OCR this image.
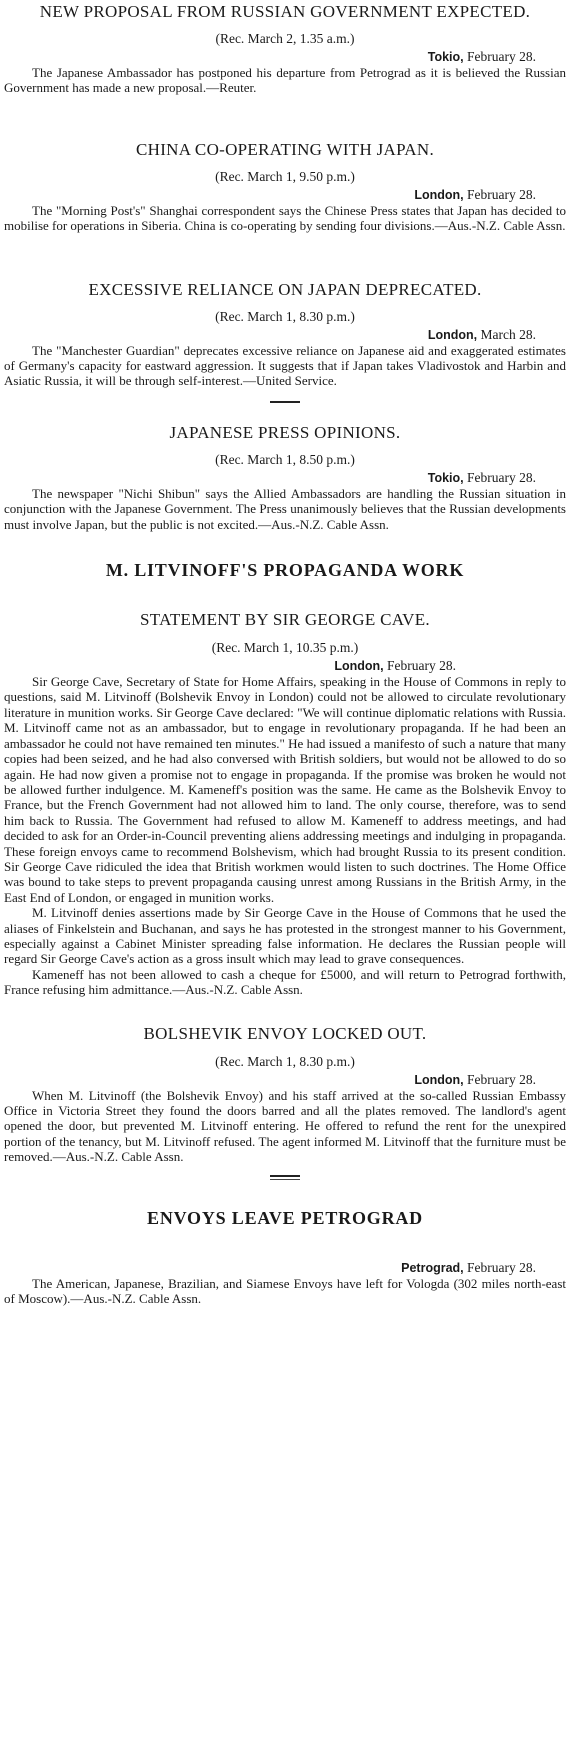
NEW PROPOSAL FROM RUSSIAN GOVERNMENT EXPECTED.

(Rec. March 2, 1.35 a.m.)

Tokio, February 28.

The Japanese Ambassador has postponed his departure from Petrograd as it is believed the Russian Government has made a new proposal.—Reuter.

CHINA CO-OPERATING WITH JAPAN.

(Rec. March 1, 9.50 p.m.)

London, February 28.

The "Morning Post's" Shanghai correspondent says the Chinese Press states that Japan has decided to mobilise for operations in Siberia. China is co-operating by sending four divisions.—Aus.-N.Z. Cable Assn.

EXCESSIVE RELIANCE ON JAPAN DEPRECATED.

(Rec. March 1, 8.30 p.m.)

London, March 28.

The "Manchester Guardian" deprecates excessive reliance on Japanese aid and exaggerated estimates of Germany's capacity for eastward aggression. It suggests that if Japan takes Vladivostok and Harbin and Asiatic Russia, it will be through self-interest.—United Service.

JAPANESE PRESS OPINIONS.

(Rec. March 1, 8.50 p.m.)

Tokio, February 28.

The newspaper "Nichi Shibun" says the Allied Ambassadors are handling the Russian situation in conjunction with the Japanese Government. The Press unanimously believes that the Russian developments must involve Japan, but the public is not excited.—Aus.-N.Z. Cable Assn.

M. LITVINOFF'S PROPAGANDA WORK
STATEMENT BY SIR GEORGE CAVE.

(Rec. March 1, 10.35 p.m.)

London, February 28.

Sir George Cave, Secretary of State for Home Affairs, speaking in the House of Commons in reply to questions, said M. Litvinoff (Bolshevik Envoy in London) could not be allowed to circulate revolutionary literature in munition works. Sir George Cave declared: "We will continue diplomatic relations with Russia. M. Litvinoff came not as an ambassador, but to engage in revolutionary propaganda. If he had been an ambassador he could not have remained ten minutes." He had issued a manifesto of such a nature that many copies had been seized, and he had also conversed with British soldiers, but would not be allowed to do so again. He had now given a promise not to engage in propaganda. If the promise was broken he would not be allowed further indulgence. M. Kameneff's position was the same. He came as the Bolshevik Envoy to France, but the French Government had not allowed him to land. The only course, therefore, was to send him back to Russia. The Government had refused to allow M. Kameneff to address meetings, and had decided to ask for an Order-in-Council preventing aliens addressing meetings and indulging in propaganda. These foreign envoys came to recommend Bolshevism, which had brought Russia to its present condition. Sir George Cave ridiculed the idea that British workmen would listen to such doctrines. The Home Office was bound to take steps to prevent propaganda causing unrest among Russians in the British Army, in the East End of London, or engaged in munition works.

M. Litvinoff denies assertions made by Sir George Cave in the House of Commons that he used the aliases of Finkelstein and Buchanan, and says he has protested in the strongest manner to his Government, especially against a Cabinet Minister spreading false information. He declares the Russian people will regard Sir George Cave's action as a gross insult which may lead to grave consequences.

Kameneff has not been allowed to cash a cheque for £5000, and will return to Petrograd forthwith, France refusing him admittance.—Aus.-N.Z. Cable Assn.

BOLSHEVIK ENVOY LOCKED OUT.

(Rec. March 1, 8.30 p.m.)

London, February 28.

When M. Litvinoff (the Bolshevik Envoy) and his staff arrived at the so-called Russian Embassy Office in Victoria Street they found the doors barred and all the plates removed. The landlord's agent opened the door, but prevented M. Litvinoff entering. He offered to refund the rent for the unexpired portion of the tenancy, but M. Litvinoff refused. The agent informed M. Litvinoff that the furniture must be removed.—Aus.-N.Z. Cable Assn.

ENVOYS LEAVE PETROGRAD

Petrograd, February 28.

The American, Japanese, Brazilian, and Siamese Envoys have left for Vologda (302 miles north-east of Moscow).—Aus.-N.Z. Cable Assn.
